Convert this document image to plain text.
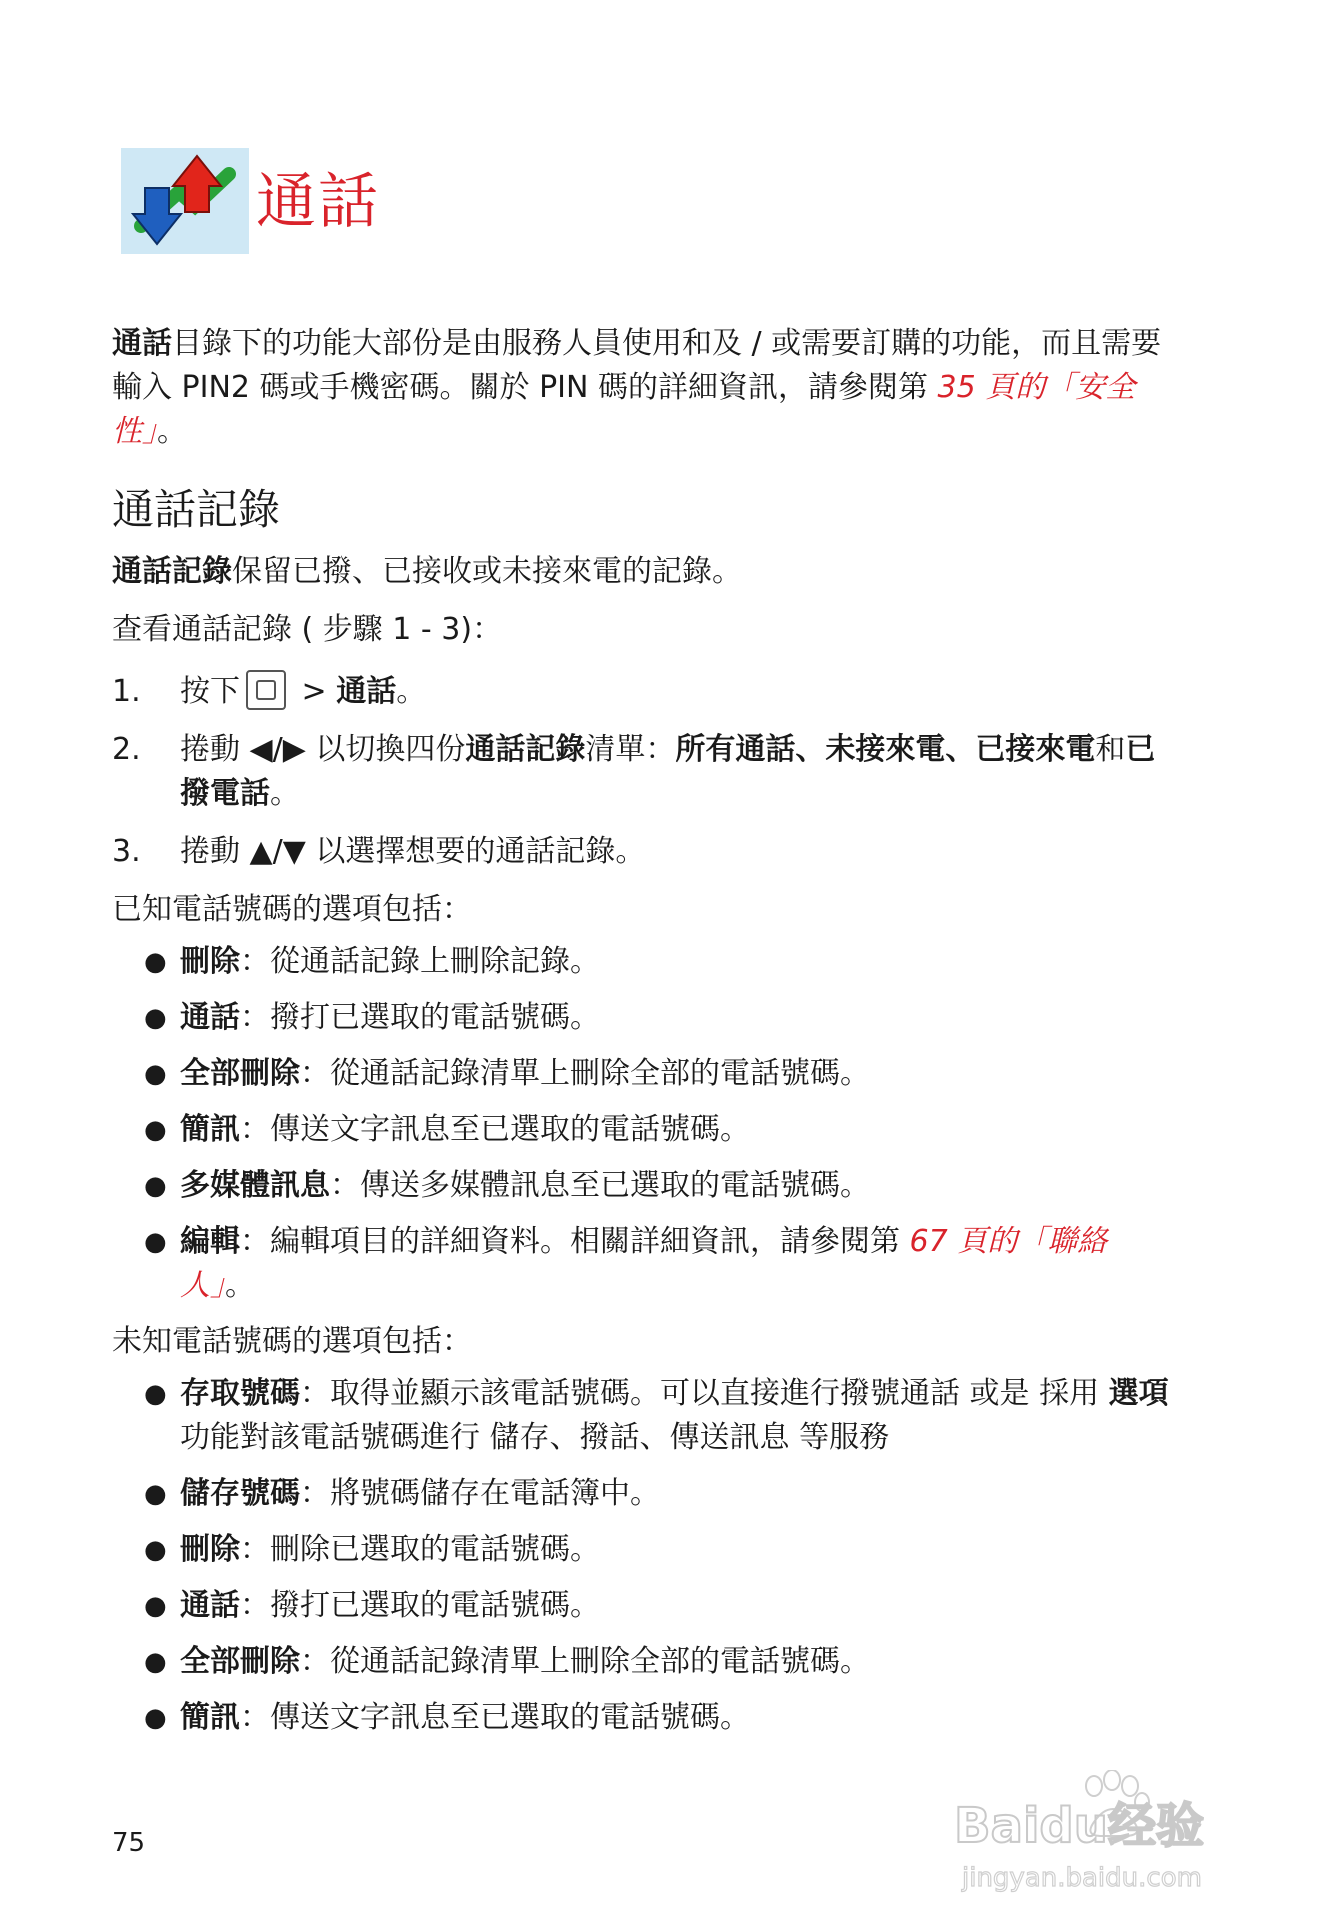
通話

通話目錄下的功能大部份是由服務人員使用和及 / 或需要訂購的功能，而且需要輸入 PIN2 碼或手機密碼。關於 PIN 碼的詳細資訊，請參閱第 35 頁的「安全性」。

通話記錄

通話記錄保留已撥、已接收或未接來電的記錄。

查看通話記錄 ( 步驟 1 - 3)：

1.	按下 > 通話。
2.	捲動 ◀/▶ 以切換四份通話記錄清單：所有通話、未接來電、已接來電和已撥電話。
3.	捲動 ▲/▼ 以選擇想要的通話記錄。

已知電話號碼的選項包括：

● 刪除：從通話記錄上刪除記錄。
● 通話：撥打已選取的電話號碼。
● 全部刪除：從通話記錄清單上刪除全部的電話號碼。
● 簡訊：傳送文字訊息至已選取的電話號碼。
● 多媒體訊息：傳送多媒體訊息至已選取的電話號碼。
● 編輯：編輯項目的詳細資料。相關詳細資訊，請參閱第 67 頁的「聯絡人」。

未知電話號碼的選項包括：

● 存取號碼：取得並顯示該電話號碼。可以直接進行撥號通話 或是 採用 選項 功能對該電話號碼進行 儲存、撥話、傳送訊息 等服務
● 儲存號碼：將號碼儲存在電話簿中。
● 刪除：刪除已選取的電話號碼。
● 通話：撥打已選取的電話號碼。
● 全部刪除：從通話記錄清單上刪除全部的電話號碼。
● 簡訊：傳送文字訊息至已選取的電話號碼。
75	Baidu经验
jingyan.baidu.com
